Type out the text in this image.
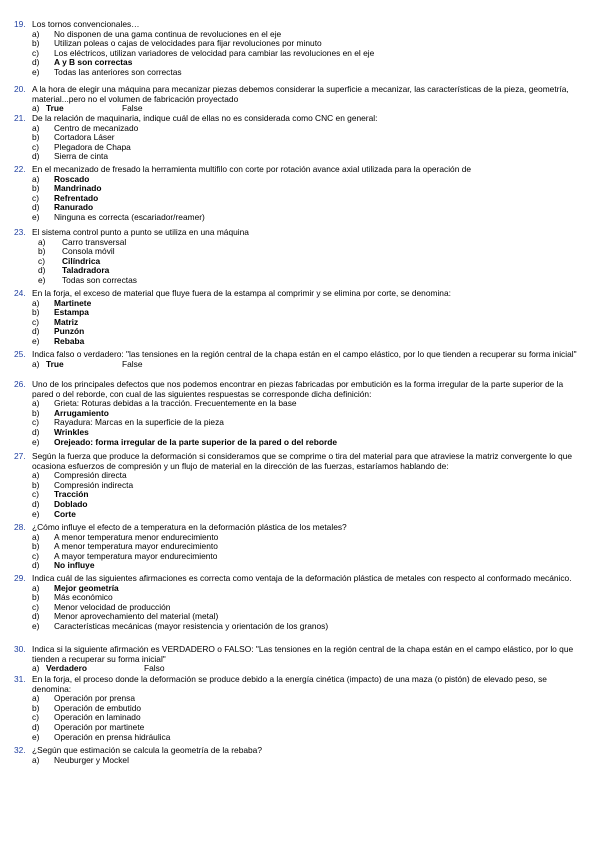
19. Los tornos convencionales…
a)	No disponen de una gama continua de revoluciones en el eje
b)	Utilizan poleas o cajas de velocidades para fijar revoluciones por minuto
c)	Los eléctricos, utilizan variadores de velocidad para cambiar las revoluciones en el eje
d)	A y B son correctas
e)	Todas las anteriores son correctas
20. A la hora de elegir una máquina para mecanizar piezas debemos considerar la superficie a mecanizar, las características de la pieza, geometría, material...pero no el volumen de fabricación proyectado
a) True	False
21. De la relación de maquinaria, indique cuál de ellas no es considerada como CNC en general:
a)	Centro de mecanizado
b)	Cortadora Láser
c)	Plegadora de Chapa
d)	Sierra de cinta
22. En el mecanizado de fresado la herramienta multifilo con corte por rotación avance axial utilizada para la operación de
a)	Roscado
b)	Mandrinado
c)	Refrentado
d)	Ranurado
e)	Ninguna es correcta (escariador/reamer)
23. El sistema control punto a punto se utiliza en una máquina
a)	Carro transversal
b)	Consola móvil
c)	Cilíndrica
d)	Taladradora
e)	Todas son correctas
24. En la forja, el exceso de material que fluye fuera de la estampa al comprimir y se elimina por corte, se denomina:
a)	Martinete
b)	Estampa
c)	Matriz
d)	Punzón
e)	Rebaba
25. Indica falso o verdadero: "las tensiones en la región central de la chapa están en el campo elástico, por lo que tienden a recuperar su forma inicial"
a) True	False
26. Uno de los principales defectos que nos podemos encontrar en piezas fabricadas por embutición es la forma irregular de la parte superior de la pared o del reborde, con cual de las siguientes respuestas se corresponde dicha definición:
a)	Grieta: Roturas debidas a la tracción. Frecuentemente en la base
b)	Arrugamiento
c)	Rayadura: Marcas en la superficie de la pieza
d)	Wrinkles
e)	Orejeado: forma irregular de la parte superior de la pared o del reborde
27. Según la fuerza que produce la deformación si consideramos que se comprime o tira del material para que atraviese la matriz convergente lo que ocasiona esfuerzos de compresión y un flujo de material en la dirección de las fuerzas, estaríamos hablando de:
a)	Compresión directa
b)	Compresión indirecta
c)	Tracción
d)	Doblado
e)	Corte
28. ¿Cómo influye el efecto de a temperatura en la deformación plástica de los metales?
a)	A menor temperatura menor endurecimiento
b)	A menor temperatura mayor endurecimiento
c)	A mayor temperatura mayor endurecimiento
d)	No influye
29. Indica cuál de las siguientes afirmaciones es correcta como ventaja de la deformación plástica de metales con respecto al conformado mecánico.
a)	Mejor geometría
b)	Más económico
c)	Menor velocidad de producción
d)	Menor aprovechamiento del material (metal)
e)	Características mecánicas (mayor resistencia y orientación de los granos)
30. Indica si la siguiente afirmación es VERDADERO o FALSO: "Las tensiones en la región central de la chapa están en el campo elástico, por lo que tienden a recuperar su forma inicial"
a) Verdadero	Falso
31. En la forja, el proceso donde la deformación se produce debido a la energía cinética (impacto) de una maza (o pistón) de elevado peso, se denomina:
a)	Operación por prensa
b)	Operación de embutido
c)	Operación en laminado
d)	Operación por martinete
e)	Operación en prensa hidráulica
32. ¿Según que estimación se calcula la geometría de la rebaba?
a)	Neuburger y Mockel
